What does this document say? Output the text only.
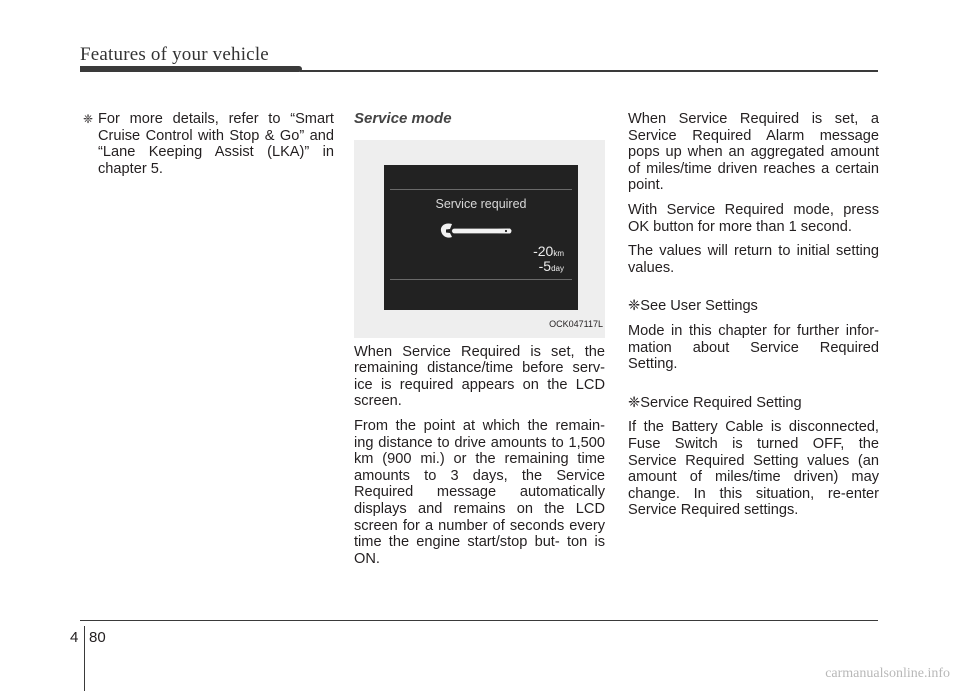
Features of your vehicle
❈ For more details, refer to “Smart Cruise Control with Stop & Go” and “Lane Keeping Assist (LKA)” in chapter 5.
Service mode
Service required
-20km
-5day
OCK047117L

When Service Required is set, the remaining distance/time before serv- ice is required appears on the LCD screen.

From the point at which the remain- ing distance to drive amounts to 1,500 km (900 mi.) or the remaining time amounts to 3 days, the Service Required message automatically displays and remains on the LCD screen for a number of seconds every time the engine start/stop but- ton is ON.

When Service Required is set, a Service Required Alarm message pops up when an aggregated amount of miles/time driven reaches a certain point.

With Service Required mode, press OK button for more than 1 second.

The values will return to initial setting values.

❈See User Settings

Mode in this chapter for further infor- mation about Service Required Setting.

❈Service Required Setting

If the Battery Cable is disconnected, Fuse Switch is turned OFF, the Service Required Setting values (an amount of miles/time driven) may change. In this situation, re-enter Service Required settings.

4 80
carmanualsonline.info
